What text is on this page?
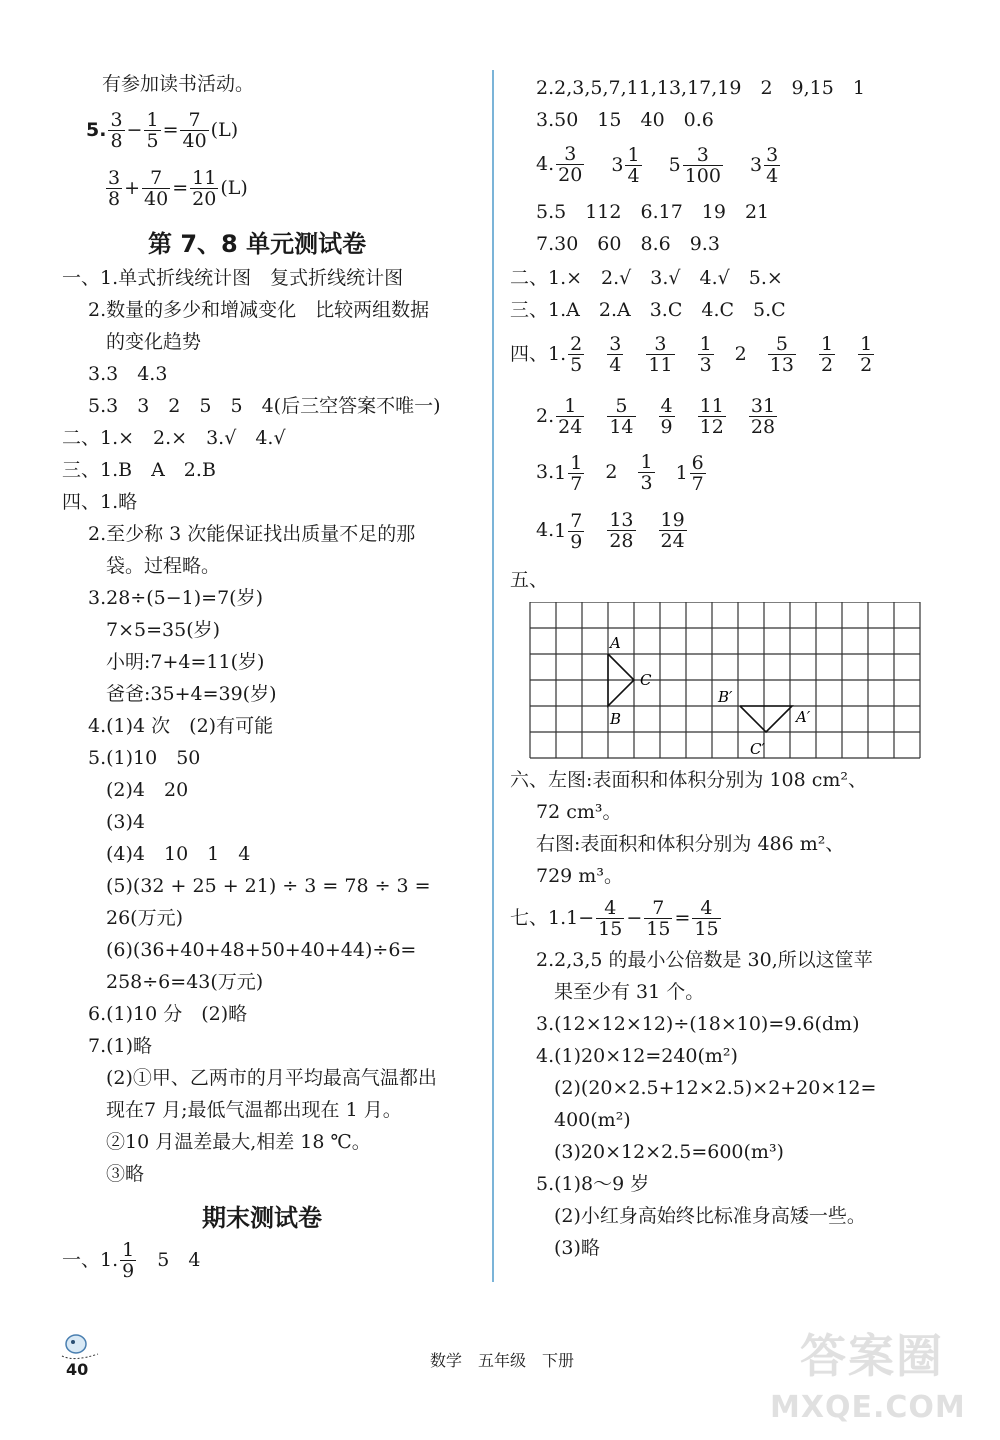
有参加读书活动。
5. $\frac{3}{8} - \frac{1}{5} = \frac{7}{40} (L)$
$\frac{3}{8} + \frac{7}{40} = \frac{11}{20} (L)$
第 7、8 单元测试卷
一、1.单式折线统计图　复式折线统计图
2.数量的多少和增减变化　比较两组数据
的变化趋势
3.3　4.3
5.3　3　2　5　5　4(后三空答案不唯一)
二、1.×　2.×　3.√　4.√
三、1.B　A　2.B
四、1.略
2.至少称 3 次能保证找出质量不足的那
袋。过程略。
3.28÷(5−1)=7(岁)
7×5=35(岁)
小明:7+4=11(岁)
爸爸:35+4=39(岁)
4.(1)4 次　(2)有可能
5.(1)10　50
(2)4　20
(3)4
(4)4　10　1　4
(5)(32 + 25 + 21) ÷ 3 = 78 ÷ 3 =
26(万元)
(6)(36+40+48+50+40+44)÷6=
258÷6=43(万元)
6.(1)10 分　(2)略
7.(1)略
(2)①甲、乙两市的月平均最高气温都出
现在7 月;最低气温都出现在 1 月。
②10 月温差最大,相差 18 ℃。
③略
期末测试卷
一、1. $\frac{1}{9}$
　 5　4
2.2,3,5,7,11,13,17,19　2　9,15　1
3.50　15　40　0.6
4. $\frac{3}{20}$
　 $3 \frac{1}{4}$
　 $5 \frac{3}{100}$
　 $3 \frac{3}{4}$
5.5　112　6.17　19　21
7.30　60　8.6　9.3
二、1.×　2.√　3.√　4.√　5.×
三、1.A　2.A　3.C　4.C　5.C
四、1. $\frac{2}{5}$
　 $\frac{3}{4}$
　 $\frac{3}{11}$
　 $\frac{1}{3}$
　 2　 $\frac{5}{13}$
　 $\frac{1}{2}$
　 $\frac{1}{2}$
2. $\frac{1}{24}$
　 $\frac{5}{14}$
　 $\frac{4}{9}$
　 $\frac{11}{12}$
　 $\frac{31}{28}$
$3.1 \frac{1}{7}$
　 2　 $\frac{1}{3}$
　 $1 \frac{6}{7}$
$4.1 \frac{7}{9}$
　 $\frac{13}{28}$
　 $\frac{19}{24}$
五、
A
C
B
B′
A′
C′
六、左图:表面积和体积分别为 108 cm²、
72 cm³。
右图:表面积和体积分别为 486 m²、
729 m³。
七、$1.1- \frac{4}{15} - \frac{7}{15} = \frac{4}{15}$
2.2,3,5 的最小公倍数是 30,所以这筐苹
果至少有 31 个。
3.(12×12×12)÷(18×10)=9.6(dm)
4.(1)20×12=240(m²)
(2)(20×2.5+12×2.5)×2+20×12=
400(m²)
(3)20×12×2.5=600(m³)
5.(1)8～9 岁
(2)小红身高始终比标准身高矮一些。
(3)略
40	数学　五年级　下册	答案圈
MXQE.COM
